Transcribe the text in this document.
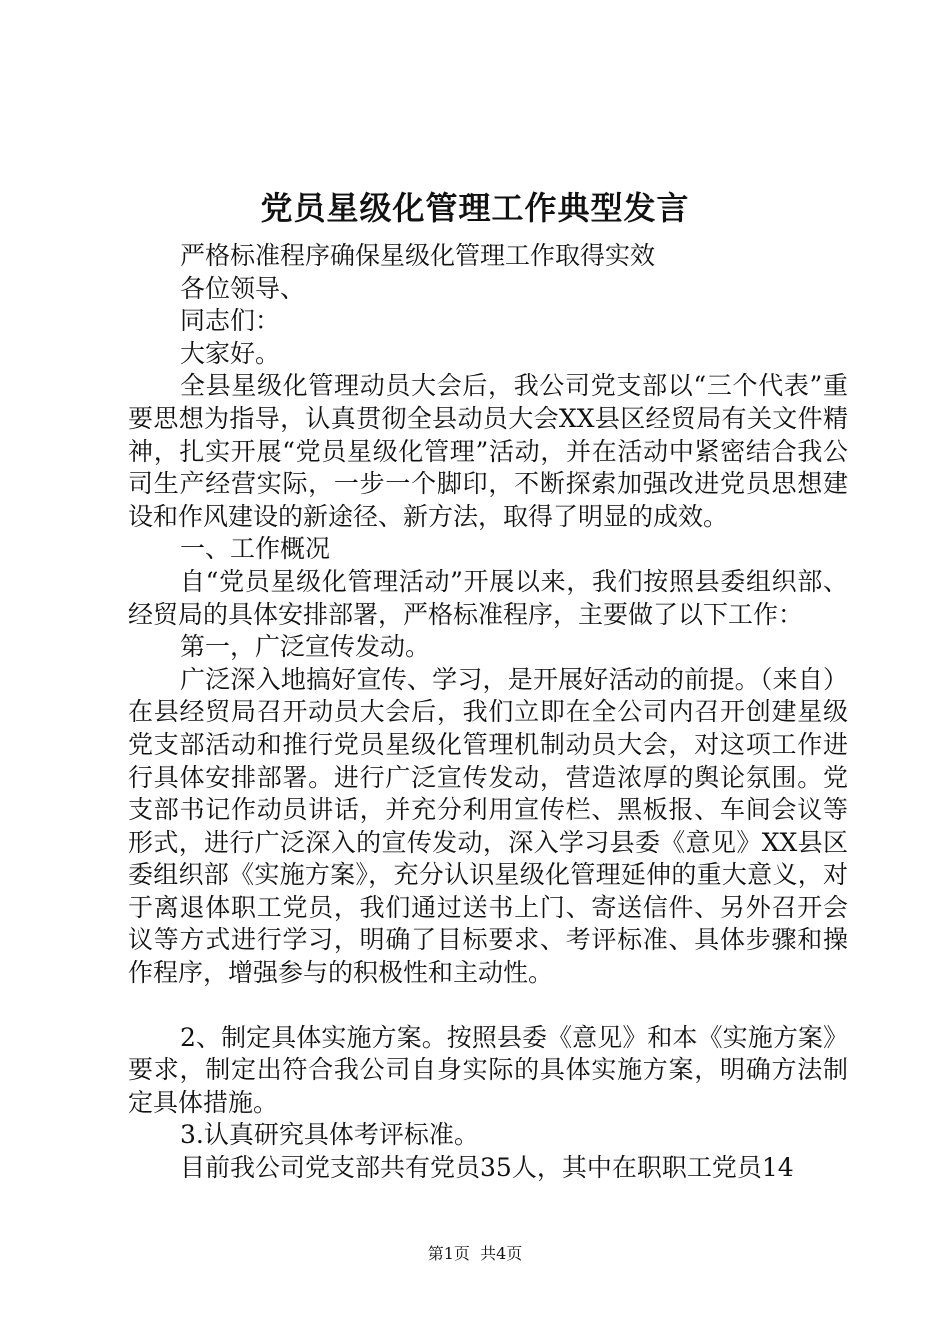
党员星级化管理工作典型发言

严格标准程序确保星级化管理工作取得实效

各位领导、

同志们：

大家好。

全县星级化管理动员大会后，我公司党支部以“三个代表”重要思想为指导，认真贯彻全县动员大会XX县区经贸局有关文件精神，扎实开展“党员星级化管理”活动，并在活动中紧密结合我公司生产经营实际，一步一个脚印，不断探索加强改进党员思想建设和作风建设的新途径、新方法，取得了明显的成效。

一、工作概况

自“党员星级化管理活动”开展以来，我们按照县委组织部、经贸局的具体安排部署，严格标准程序，主要做了以下工作：

第一，广泛宣传发动。

广泛深入地搞好宣传、学习，是开展好活动的前提。（来自）在县经贸局召开动员大会后，我们立即在全公司内召开创建星级党支部活动和推行党员星级化管理机制动员大会，对这项工作进行具体安排部署。进行广泛宣传发动，营造浓厚的舆论氛围。党支部书记作动员讲话，并充分利用宣传栏、黑板报、车间会议等形式，进行广泛深入的宣传发动，深入学习县委《意见》XX县区委组织部《实施方案》，充分认识星级化管理延伸的重大意义，对于离退体职工党员，我们通过送书上门、寄送信件、另外召开会议等方式进行学习，明确了目标要求、考评标准、具体步骤和操作程序，增强参与的积极性和主动性。

2、制定具体实施方案。按照县委《意见》和本《实施方案》要求，制定出符合我公司自身实际的具体实施方案，明确方法制定具体措施。

3.认真研究具体考评标准。

目前我公司党支部共有党员35人，其中在职职工党员14

第1页  共4页
